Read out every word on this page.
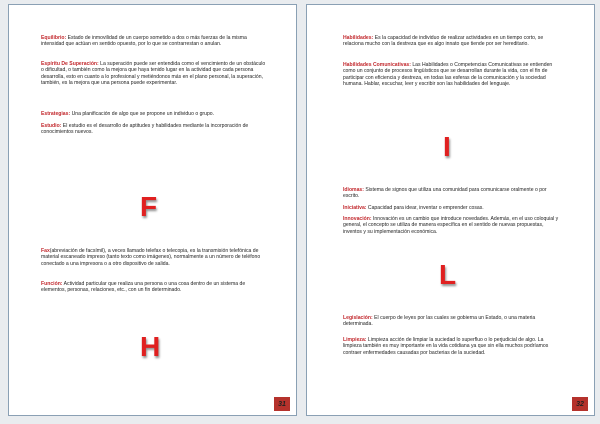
Equilibrio: Estado de inmovilidad de un cuerpo sometido a dos o más fuerzas de la misma intensidad que actúan en sentido opuesto, por lo que se contrarrestan o anulan.
Espíritu De Superación: La superación puede ser entendida como el vencimiento de un obstáculo o dificultad, o también como la mejora que haya tenido lugar en la actividad que cada persona desarrolla, esto en cuanto a lo profesional y metiéndonos más en el plano personal, la superación, también, es la mejora que una persona puede experimentar.
Estrategias: Una planificación de algo que se propone un individuo o grupo.
Estudio: El estudio es el desarrollo de aptitudes y habilidades mediante la incorporación de conocimientos nuevos.
F
Fax(abreviación de facsímil), a veces llamado telefax o telecopia, es la transmisión telefónica de material escaneado impreso (tanto texto como imágenes), normalmente a un número de teléfono conectado a una impresora o a otro dispositivo de salida.
Función: Actividad particular que realiza una persona o una cosa dentro de un sistema de elementos, personas, relaciones, etc., con un fin determinado.
H
31
Habilidades: Es la capacidad de individuo de realizar actividades en un tiempo corto, se relaciona mucho con la destreza que es algo innato que tiende por ser hereditario.
Habilidades Comunicativas: Las Habilidades o Competencias Comunicativas se entienden como un conjunto de procesos lingüísticos que se desarrollan durante la vida, con el fin de participar con eficiencia y destreza, en todas las esferas de la comunicación y la sociedad humana. Hablar, escuchar, leer y escribir son las habilidades del lenguaje.
I
Idiomas: Sistema de signos que utiliza una comunidad para comunicarse oralmente o por escrito.
Iniciativa: Capacidad para idear, inventar o emprender cosas.
Innovación: Innovación es un cambio que introduce novedades. Además, en el uso coloquial y general, el concepto se utiliza de manera específica en el sentido de nuevas propuestas, inventos y su implementación económica.
L
Legislación: El cuerpo de leyes por las cuales se gobierna un Estado, o una materia determinada.
Limpieza: Limpieza acción de limpiar la suciedad lo superfluo o lo perjudicial de algo. La limpieza también es muy importante en la vida cotidiana ya que sin ella muchos podríamos contraer enfermedades causadas por bacterias de la suciedad.
32
